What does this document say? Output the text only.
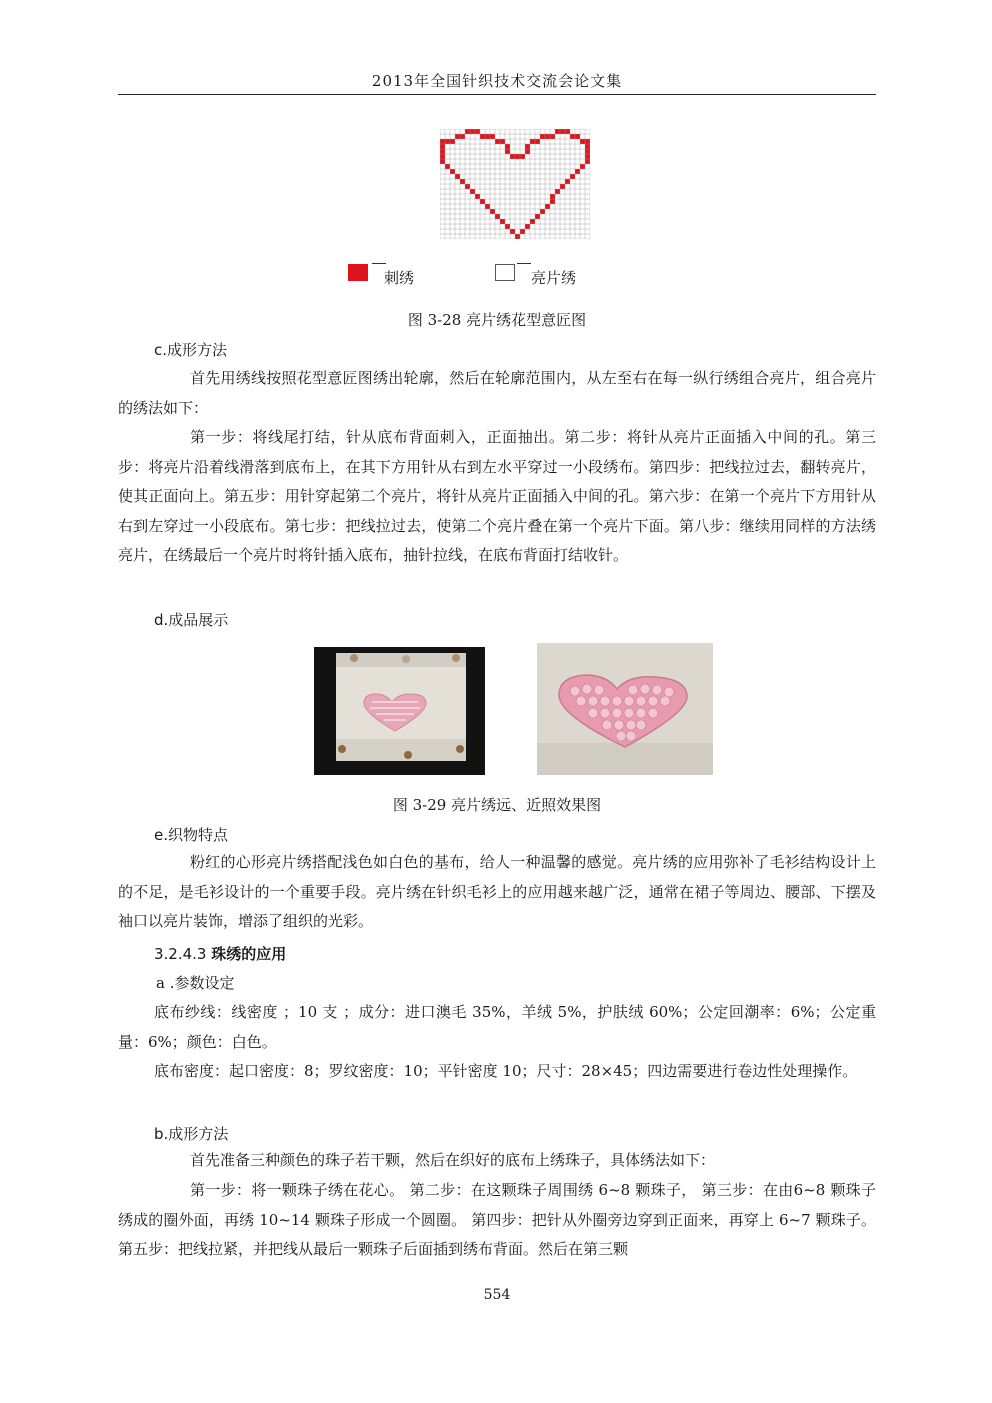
2013年全国针织技术交流会论文集
刺绣	亮片绣
图 3-28 亮片绣花型意匠图
c.成形方法

首先用绣线按照花型意匠图绣出轮廓，然后在轮廓范围内，从左至右在每一纵行绣组合亮片，组合亮片的绣法如下：

第一步：将线尾打结，针从底布背面刺入，正面抽出。第二步：将针从亮片正面插入中间的孔。第三步：将亮片沿着线滑落到底布上，在其下方用针从右到左水平穿过一小段绣布。第四步：把线拉过去，翻转亮片，使其正面向上。第五步：用针穿起第二个亮片，将针从亮片正面插入中间的孔。第六步：在第一个亮片下方用针从右到左穿过一小段底布。第七步：把线拉过去，使第二个亮片叠在第一个亮片下面。第八步：继续用同样的方法绣亮片，在绣最后一个亮片时将针插入底布，抽针拉线，在底布背面打结收针。

d.成品展示
图 3-29 亮片绣远、近照效果图
e.织物特点

粉红的心形亮片绣搭配浅色如白色的基布，给人一种温馨的感觉。亮片绣的应用弥补了毛衫结构设计上的不足，是毛衫设计的一个重要手段。亮片绣在针织毛衫上的应用越来越广泛，通常在裙子等周边、腰部、下摆及袖口以亮片装饰，增添了组织的光彩。

3.2.4.3 珠绣的应用
a .参数设定

底布纱线：线密度 ；10 支 ；成分：进口澳毛 35%，羊绒 5%，护肤绒 60%；公定回潮率：6%；公定重量：6%；颜色：白色。

底布密度：起口密度：8；罗纹密度：10；平针密度 10；尺寸：28×45；四边需要进行卷边性处理操作。

b.成形方法

首先准备三种颜色的珠子若干颗，然后在织好的底布上绣珠子，具体绣法如下：

第一步：将一颗珠子绣在花心。 第二步：在这颗珠子周围绣 6~8 颗珠子， 第三步：在由6~8 颗珠子绣成的圈外面，再绣 10~14 颗珠子形成一个圆圈。 第四步：把针从外圈旁边穿到正面来，再穿上 6~7 颗珠子。 第五步：把线拉紧，并把线从最后一颗珠子后面插到绣布背面。然后在第三颗

554
